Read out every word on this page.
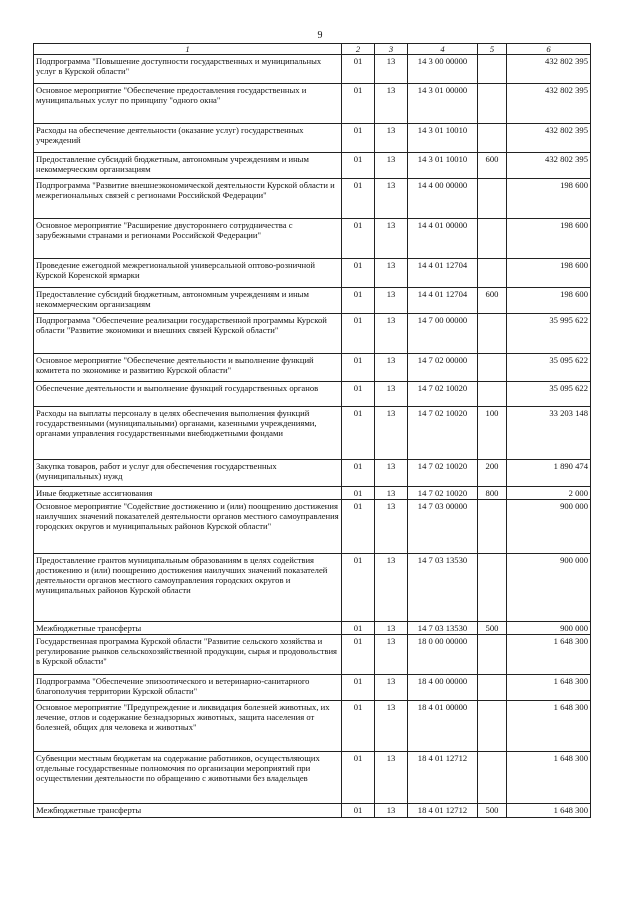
9
1	2	3	4	5	6
Подпрограмма "Повышение доступности государственных и муниципальных услуг в Курской области"	01	13	14 3 00 00000		432 802 395
Основное мероприятие "Обеспечение предоставления государственных и муниципальных услуг по принципу "одного окна"	01	13	14 3 01 00000		432 802 395
Расходы на обеспечение деятельности (оказание услуг) государственных учреждений	01	13	14 3 01 10010		432 802 395
Предоставление субсидий бюджетным, автономным учреждениям и иным некоммерческим организациям	01	13	14 3 01 10010	600	432 802 395
Подпрограмма "Развитие внешнеэкономической деятельности Курской области и межрегиональных связей с регионами Российской Федерации"	01	13	14 4 00 00000		198 600
Основное мероприятие "Расширение двустороннего сотрудничества с зарубежными странами и регионами Российской Федерации"	01	13	14 4 01 00000		198 600
Проведение ежегодной межрегиональной универсальной оптово-розничной Курской Коренской ярмарки	01	13	14 4 01 12704		198 600
Предоставление субсидий бюджетным, автономным учреждениям и иным некоммерческим организациям	01	13	14 4 01 12704	600	198 600
Подпрограмма "Обеспечение реализации государственной программы Курской области "Развитие экономики и внешних связей Курской области"	01	13	14 7 00 00000		35 995 622
Основное мероприятие "Обеспечение деятельности и выполнение функций комитета по экономике и развитию Курской области"	01	13	14 7 02 00000		35 095 622
Обеспечение деятельности и выполнение функций государственных органов	01	13	14 7 02 10020		35 095 622
Расходы на выплаты персоналу в целях обеспечения выполнения функций государственными (муниципальными) органами, казенными учреждениями, органами управления государственными внебюджетными фондами	01	13	14 7 02 10020	100	33 203 148
Закупка товаров, работ и услуг для обеспечения государственных (муниципальных) нужд	01	13	14 7 02 10020	200	1 890 474
Иные бюджетные ассигнования	01	13	14 7 02 10020	800	2 000
Основное мероприятие "Содействие достижению и (или) поощрению достижения наилучших значений показателей деятельности органов местного самоуправления городских округов и муниципальных районов Курской области"	01	13	14 7 03 00000		900 000
Предоставление грантов муниципальным образованиям в целях содействия достижению и (или) поощрению достижения наилучших значений показателей деятельности органов местного самоуправления городских округов и муниципальных районов Курской области	01	13	14 7 03 13530		900 000
Межбюджетные трансферты	01	13	14 7 03 13530	500	900 000
Государственная программа Курской области "Развитие сельского хозяйства и регулирование рынков сельскохозяйственной продукции, сырья и продовольствия в Курской области"	01	13	18 0 00 00000		1 648 300
Подпрограмма "Обеспечение эпизоотического и ветеринарно-санитарного благополучия территории Курской области"	01	13	18 4 00 00000		1 648 300
Основное мероприятие "Предупреждение и ликвидация болезней животных, их лечение, отлов и содержание безнадзорных животных, защита населения от болезней, общих для человека и животных"	01	13	18 4 01 00000		1 648 300
Субвенции местным бюджетам на содержание работников, осуществляющих отдельные государственные полномочия по организации мероприятий при осуществлении деятельности по обращению с животными без владельцев	01	13	18 4 01 12712		1 648 300
Межбюджетные трансферты	01	13	18 4 01 12712	500	1 648 300
